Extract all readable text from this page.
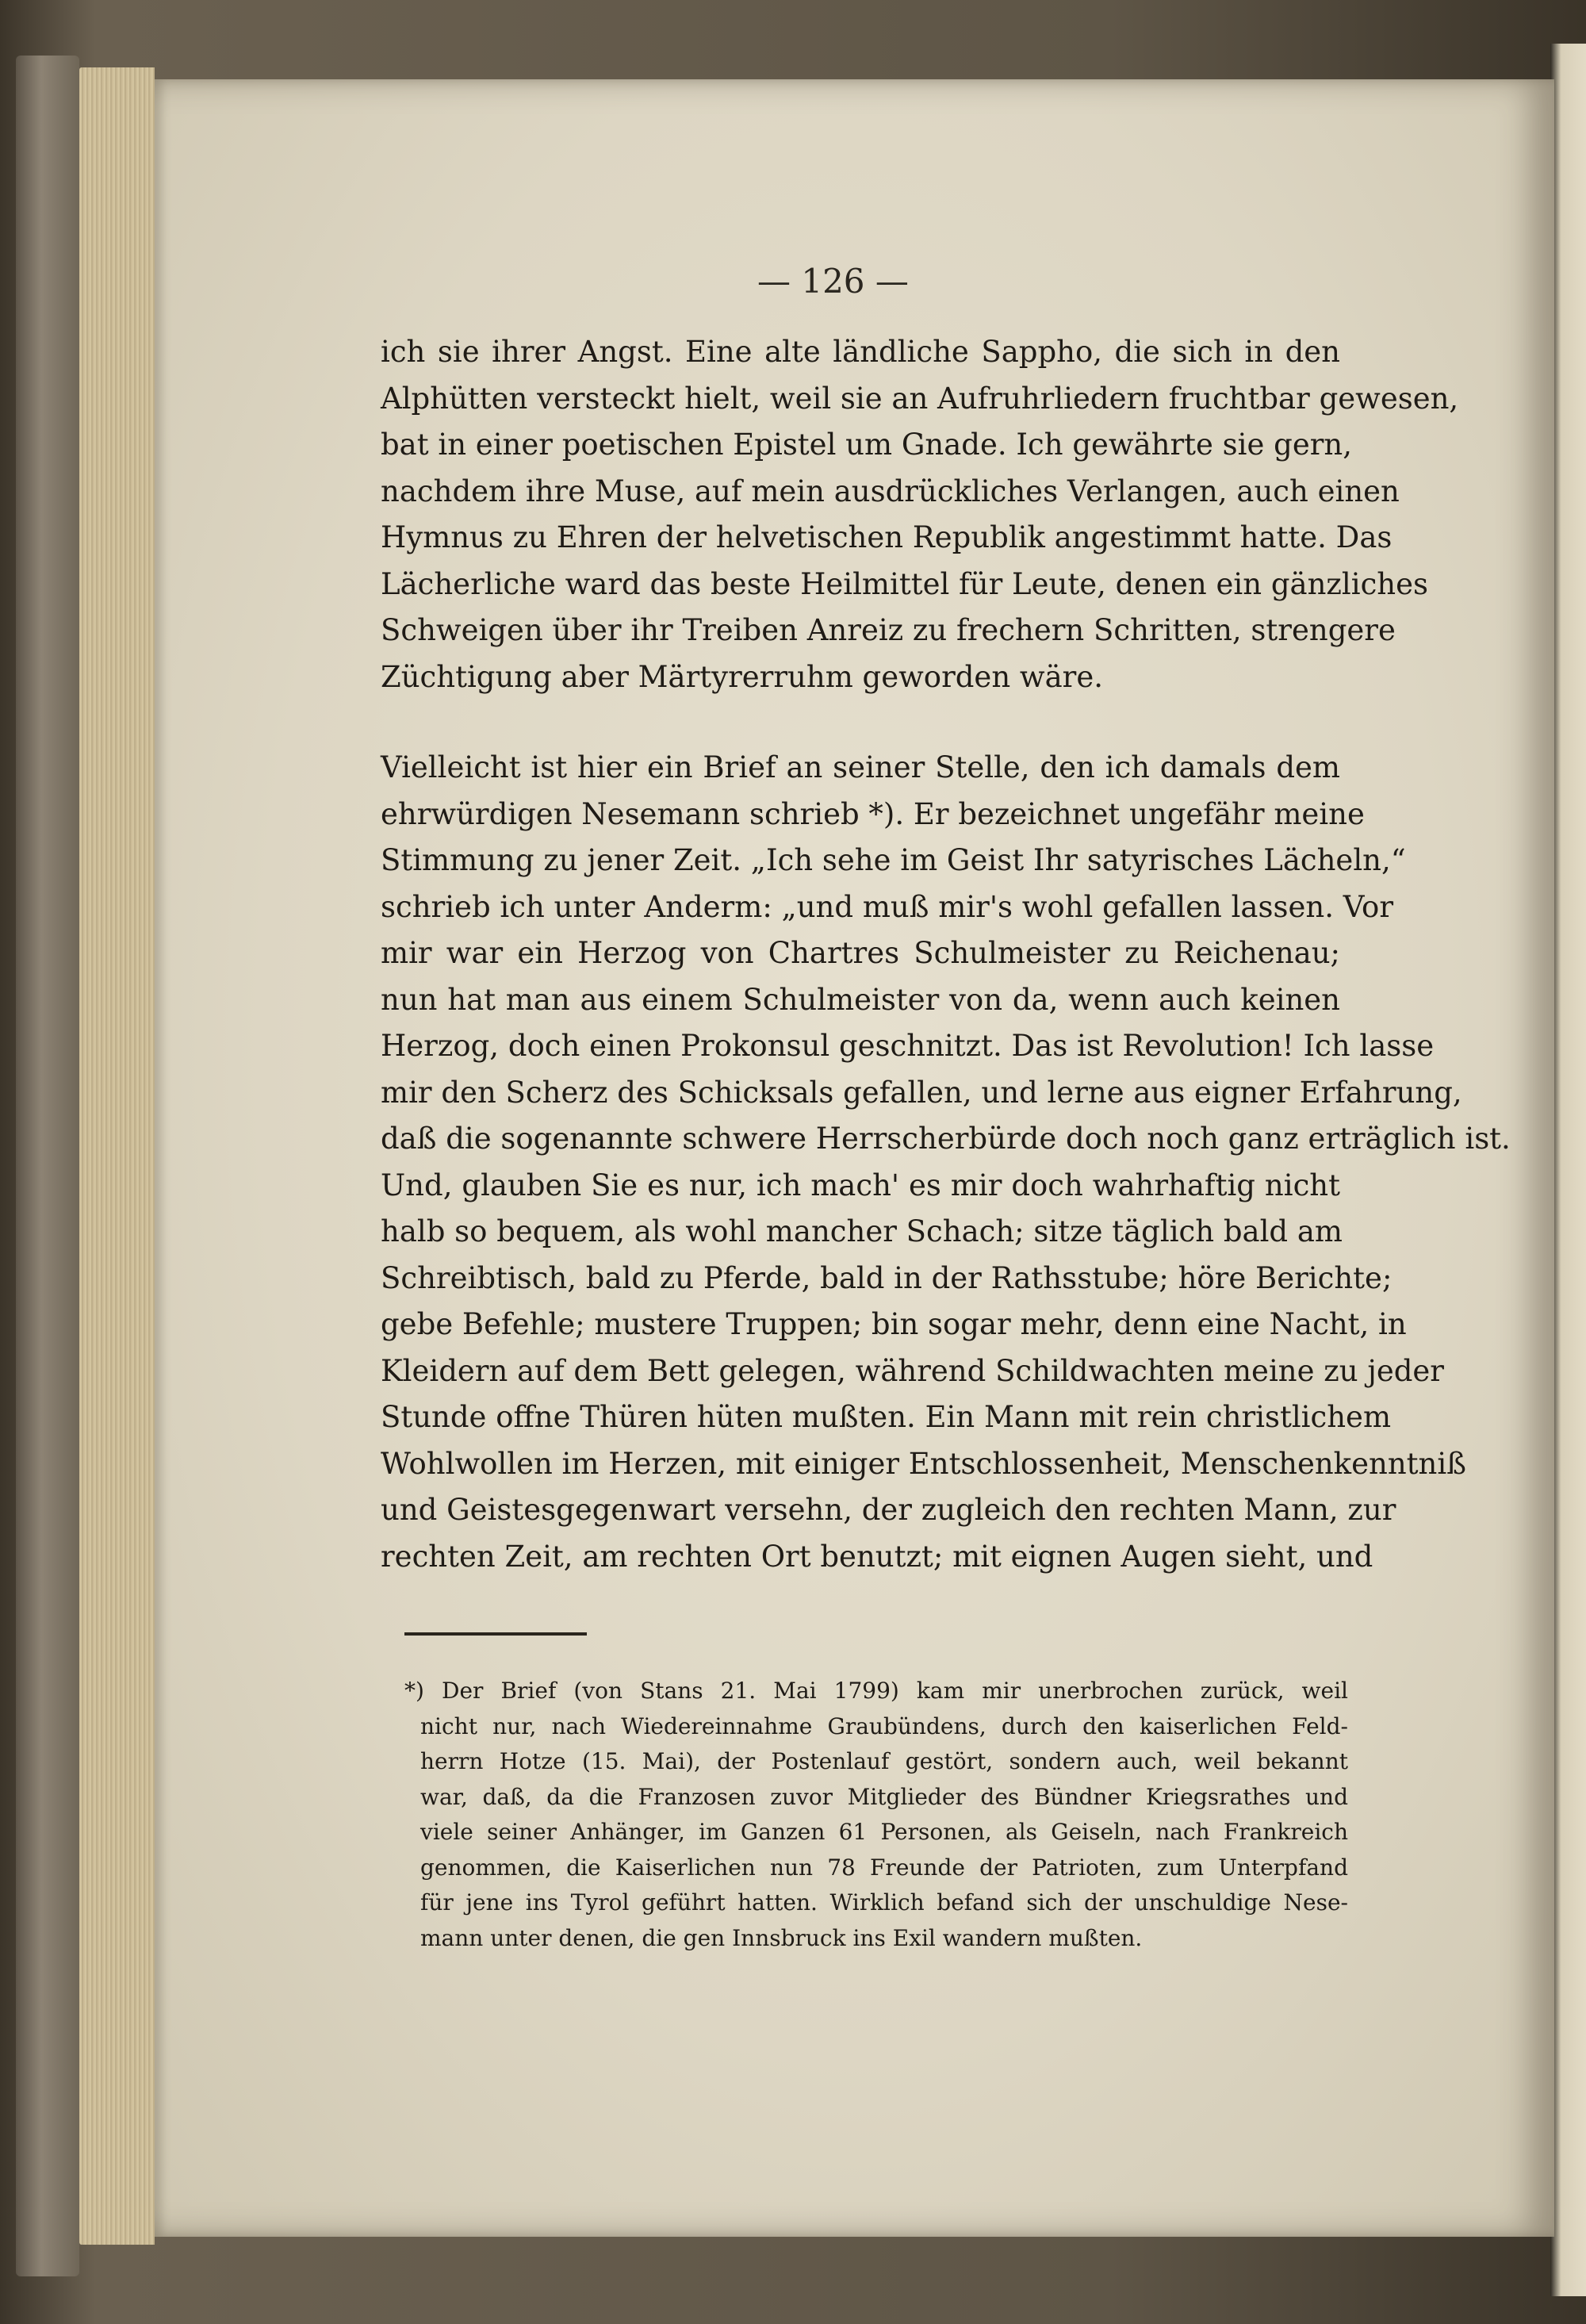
— 126 —
ich sie ihrer Angst. Eine alte ländliche Sappho, die sich in den
Alphütten versteckt hielt, weil sie an Aufruhrliedern fruchtbar gewesen,
bat in einer poetischen Epistel um Gnade. Ich gewährte sie gern,
nachdem ihre Muse, auf mein ausdrückliches Verlangen, auch einen
Hymnus zu Ehren der helvetischen Republik angestimmt hatte. Das
Lächerliche ward das beste Heilmittel für Leute, denen ein gänzliches
Schweigen über ihr Treiben Anreiz zu frechern Schritten, strengere
Züchtigung aber Märtyrerruhm geworden wäre.
Vielleicht ist hier ein Brief an seiner Stelle, den ich damals dem
ehrwürdigen Nesemann schrieb *). Er bezeichnet ungefähr meine
Stimmung zu jener Zeit. „Ich sehe im Geist Ihr satyrisches Lächeln,“
schrieb ich unter Anderm: „und muß mir's wohl gefallen lassen. Vor
mir war ein Herzog von Chartres Schulmeister zu Reichenau;
nun hat man aus einem Schulmeister von da, wenn auch keinen
Herzog, doch einen Prokonsul geschnitzt. Das ist Revolution! Ich lasse
mir den Scherz des Schicksals gefallen, und lerne aus eigner Erfahrung,
daß die sogenannte schwere Herrscherbürde doch noch ganz erträglich ist.
Und, glauben Sie es nur, ich mach' es mir doch wahrhaftig nicht
halb so bequem, als wohl mancher Schach; sitze täglich bald am
Schreibtisch, bald zu Pferde, bald in der Rathsstube; höre Berichte;
gebe Befehle; mustere Truppen; bin sogar mehr, denn eine Nacht, in
Kleidern auf dem Bett gelegen, während Schildwachten meine zu jeder
Stunde offne Thüren hüten mußten. Ein Mann mit rein christlichem
Wohlwollen im Herzen, mit einiger Entschlossenheit, Menschenkenntniß
und Geistesgegenwart versehn, der zugleich den rechten Mann, zur
rechten Zeit, am rechten Ort benutzt; mit eignen Augen sieht, und
*) Der Brief (von Stans 21. Mai 1799) kam mir unerbrochen zurück, weil
nicht nur, nach Wiedereinnahme Graubündens, durch den kaiserlichen Feld-
herrn Hotze (15. Mai), der Postenlauf gestört, sondern auch, weil bekannt
war, daß, da die Franzosen zuvor Mitglieder des Bündner Kriegsrathes und
viele seiner Anhänger, im Ganzen 61 Personen, als Geiseln, nach Frankreich
genommen, die Kaiserlichen nun 78 Freunde der Patrioten, zum Unterpfand
für jene ins Tyrol geführt hatten. Wirklich befand sich der unschuldige Nese-
mann unter denen, die gen Innsbruck ins Exil wandern mußten.
